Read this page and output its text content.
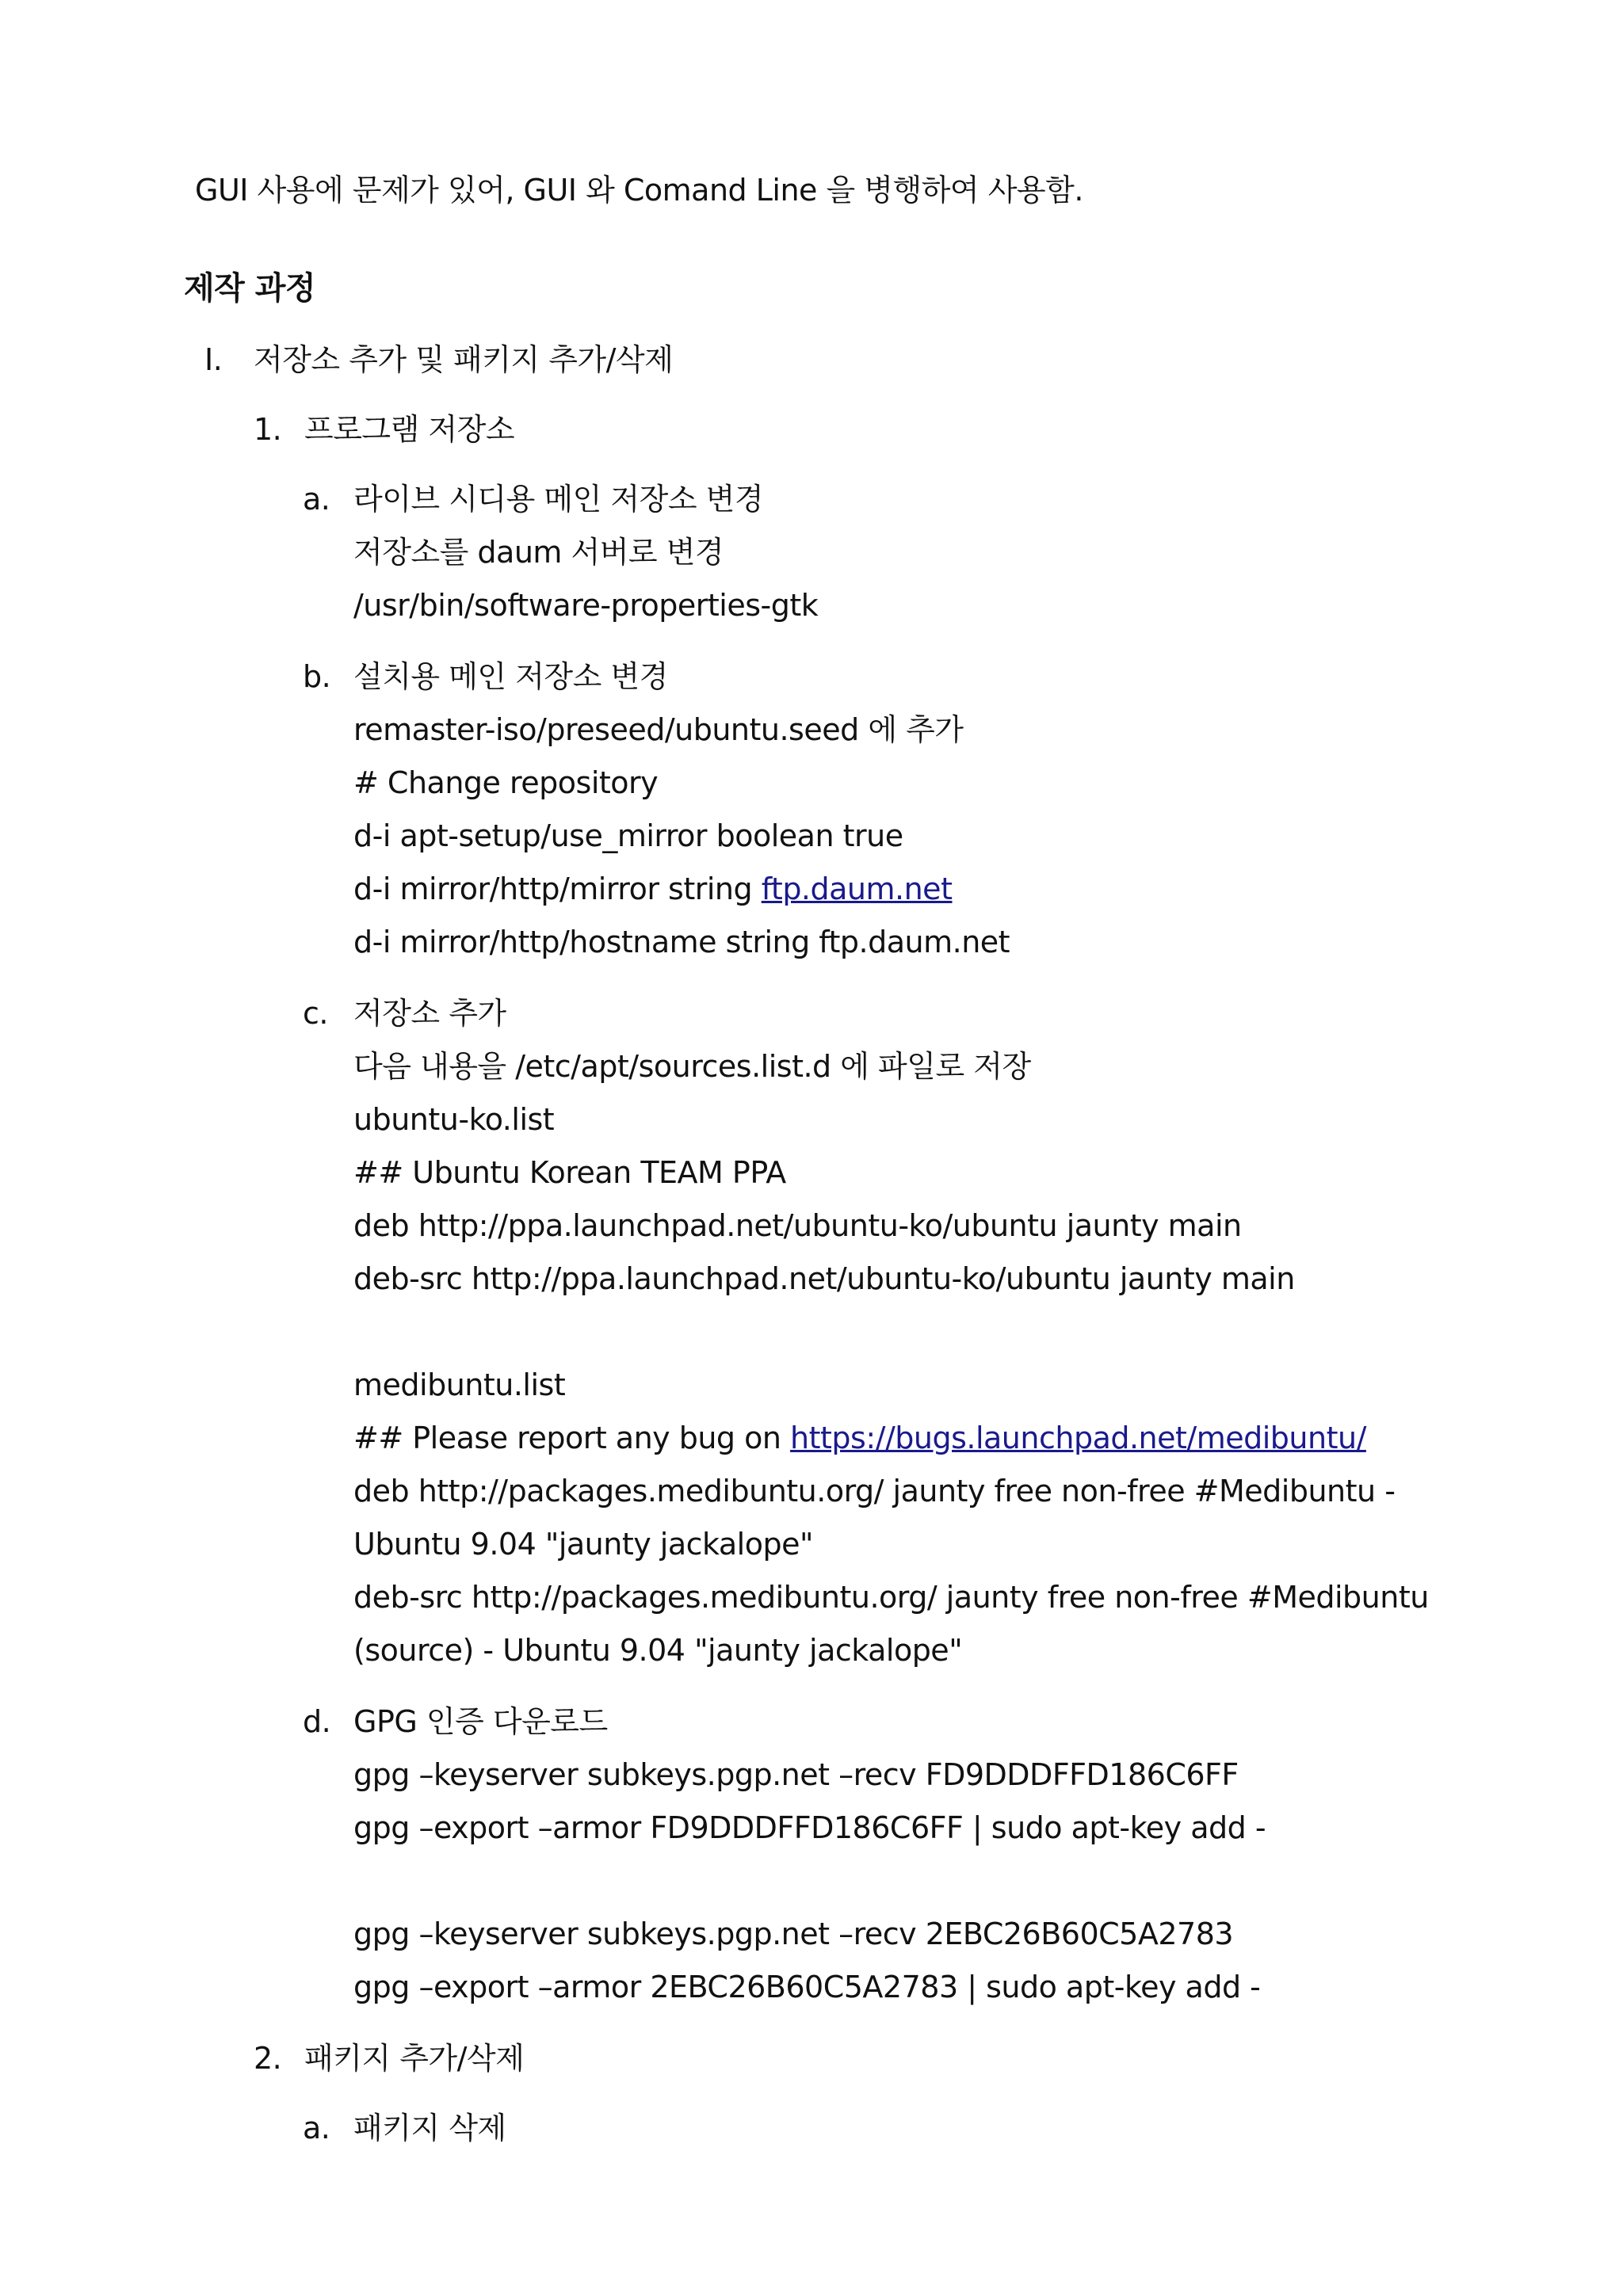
GUI 사용에 문제가 있어, GUI 와 Comand Line 을 병행하여 사용함.
제작 과정
I. 저장소 추가 및 패키지 추가/삭제
1. 프로그램 저장소
a. 라이브 시디용 메인 저장소 변경
저장소를 daum 서버로 변경
/usr/bin/software-properties-gtk
b. 설치용 메인 저장소 변경
remaster-iso/preseed/ubuntu.seed 에 추가
# Change repository
d-i apt-setup/use_mirror boolean true
d-i mirror/http/mirror string ftp.daum.net
d-i mirror/http/hostname string ftp.daum.net
c. 저장소 추가
다음 내용을 /etc/apt/sources.list.d 에 파일로 저장
ubuntu-ko.list
## Ubuntu Korean TEAM PPA
deb http://ppa.launchpad.net/ubuntu-ko/ubuntu jaunty main
deb-src http://ppa.launchpad.net/ubuntu-ko/ubuntu jaunty main
medibuntu.list
## Please report any bug on https://bugs.launchpad.net/medibuntu/
deb http://packages.medibuntu.org/ jaunty free non-free #Medibuntu -
Ubuntu 9.04 "jaunty jackalope"
deb-src http://packages.medibuntu.org/ jaunty free non-free #Medibuntu
(source) - Ubuntu 9.04 "jaunty jackalope"
d. GPG 인증 다운로드
gpg –keyserver subkeys.pgp.net –recv FD9DDDFFD186C6FF
gpg –export –armor FD9DDDFFD186C6FF | sudo apt-key add -
gpg –keyserver subkeys.pgp.net –recv 2EBC26B60C5A2783
gpg –export –armor 2EBC26B60C5A2783 | sudo apt-key add -
2. 패키지 추가/삭제
a. 패키지 삭제
